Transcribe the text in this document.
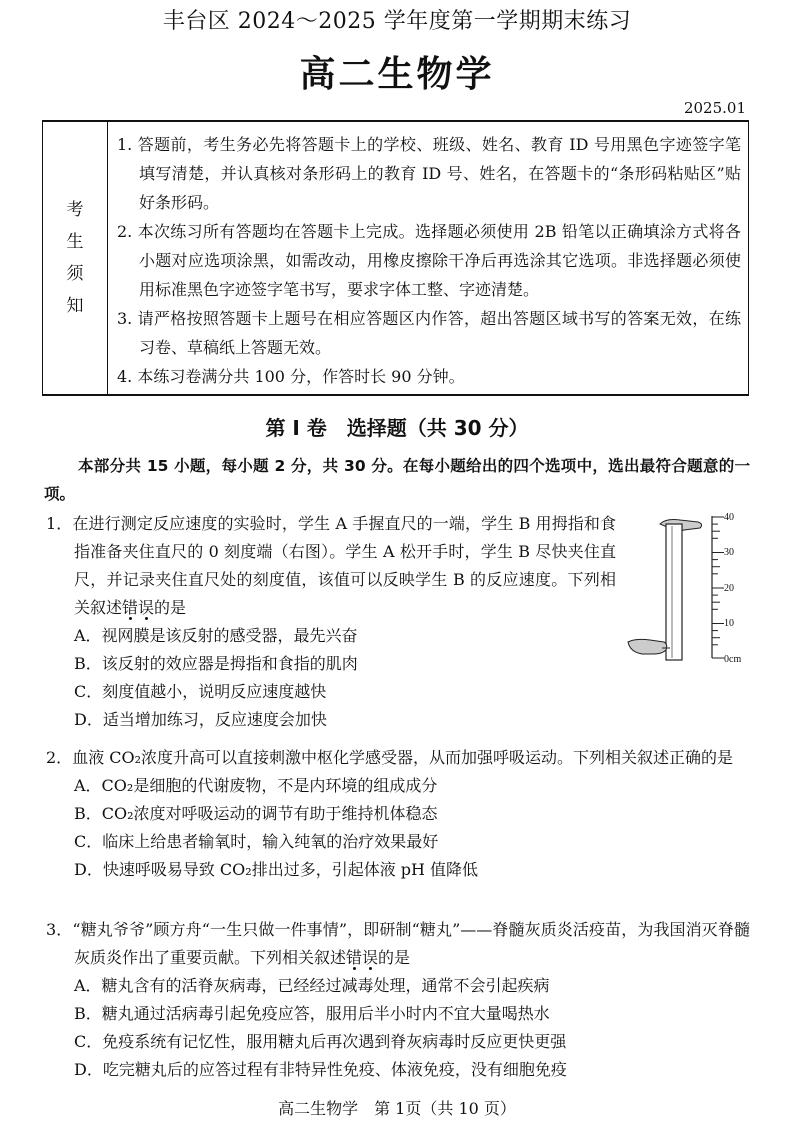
丰台区 2024～2025 学年度第一学期期末练习
高二生物学
2025.01
考
生
须
知
1. 答题前，考生务必先将答题卡上的学校、班级、姓名、教育 ID 号用黑色字迹签字笔填写清楚，并认真核对条形码上的教育 ID 号、姓名，在答题卡的“条形码粘贴区”贴好条形码。
2. 本次练习所有答题均在答题卡上完成。选择题必须使用 2B 铅笔以正确填涂方式将各小题对应选项涂黑，如需改动，用橡皮擦除干净后再选涂其它选项。非选择题必须使用标准黑色字迹签字笔书写，要求字体工整、字迹清楚。
3. 请严格按照答题卡上题号在相应答题区内作答，超出答题区域书写的答案无效，在练习卷、草稿纸上答题无效。
4. 本练习卷满分共 100 分，作答时长 90 分钟。
第 I 卷　选择题（共 30 分）
本部分共 15 小题，每小题 2 分，共 30 分。在每小题给出的四个选项中，选出最符合题意的一项。
1．在进行测定反应速度的实验时，学生 A 手握直尺的一端，学生 B 用拇指和食指准备夹住直尺的 0 刻度端（右图）。学生 A 松开手时，学生 B 尽快夹住直尺，并记录夹住直尺处的刻度值，该值可以反映学生 B 的反应速度。下列相关叙述错误的是
A．视网膜是该反射的感受器，最先兴奋
B．该反射的效应器是拇指和食指的肌肉
C．刻度值越小，说明反应速度越快
D．适当增加练习，反应速度会加快
40
30
20
10
0cm
2．血液 CO₂浓度升高可以直接刺激中枢化学感受器，从而加强呼吸运动。下列相关叙述正确的是
A．CO₂是细胞的代谢废物，不是内环境的组成成分
B．CO₂浓度对呼吸运动的调节有助于维持机体稳态
C．临床上给患者输氧时，输入纯氧的治疗效果最好
D．快速呼吸易导致 CO₂排出过多，引起体液 pH 值降低
3．“糖丸爷爷”顾方舟“一生只做一件事情”，即研制“糖丸”——脊髓灰质炎活疫苗，为我国消灭脊髓灰质炎作出了重要贡献。下列相关叙述错误的是
A．糖丸含有的活脊灰病毒，已经经过减毒处理，通常不会引起疾病
B．糖丸通过活病毒引起免疫应答，服用后半小时内不宜大量喝热水
C．免疫系统有记忆性，服用糖丸后再次遇到脊灰病毒时反应更快更强
D．吃完糖丸后的应答过程有非特异性免疫、体液免疫，没有细胞免疫
高二生物学　第 1页（共 10 页）
